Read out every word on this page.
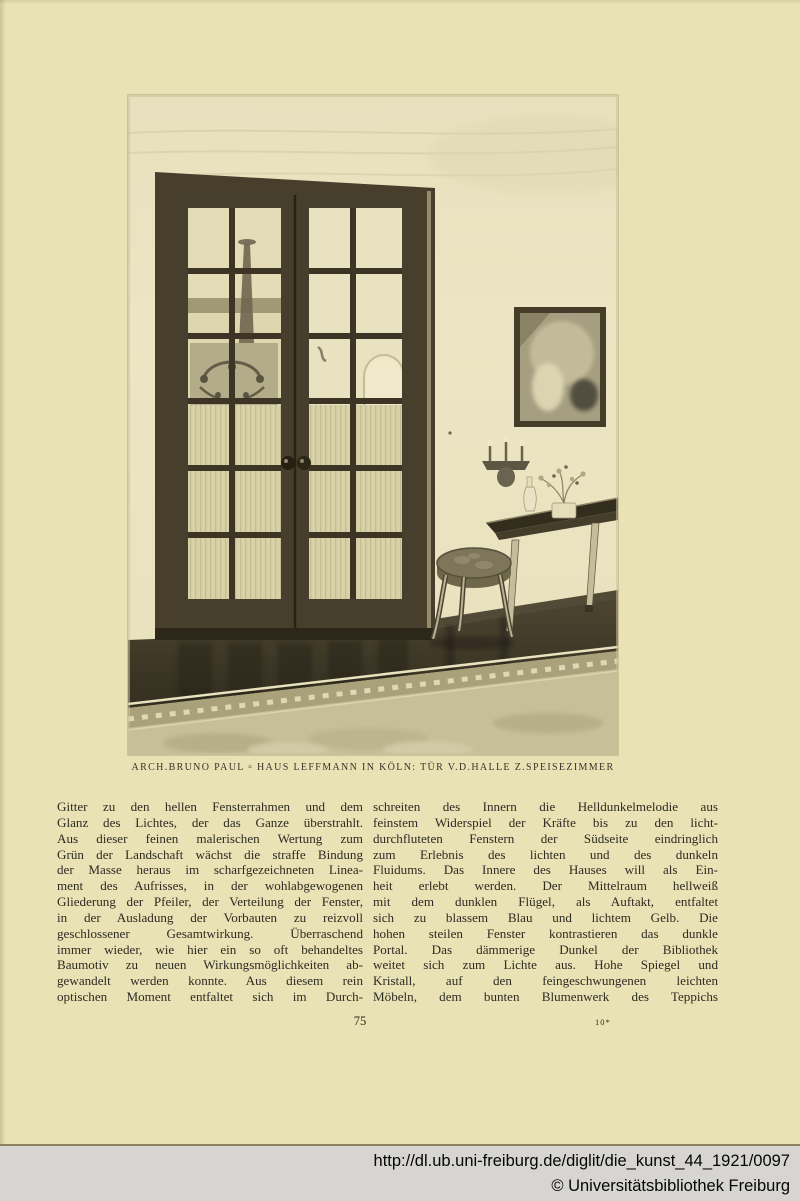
ARCH.BRUNO PAUL ▫ HAUS LEFFMANN IN KÖLN: TÜR V.D.HALLE Z.SPEISEZIMMER
Gitter zu den hellen Fensterrahmen und dem
Glanz des Lichtes, der das Ganze überstrahlt.
Aus dieser feinen malerischen Wertung zum
Grün der Landschaft wächst die straffe Bindung
der Masse heraus im scharfgezeichneten Linea-
ment des Aufrisses, in der wohlabgewogenen
Gliederung der Pfeiler, der Verteilung der Fenster,
in der Ausladung der Vorbauten zu reizvoll
geschlossener Gesamtwirkung. Überraschend
immer wieder, wie hier ein so oft behandeltes
Baumotiv zu neuen Wirkungsmöglichkeiten ab-
gewandelt werden konnte. Aus diesem rein
optischen Moment entfaltet sich im Durch-
schreiten des Innern die Helldunkelmelodie aus
feinstem Widerspiel der Kräfte bis zu den licht-
durchfluteten Fenstern der Südseite eindringlich
zum Erlebnis des lichten und des dunkeln
Fluidums. Das Innere des Hauses will als Ein-
heit erlebt werden. Der Mittelraum hellweiß
mit dem dunklen Flügel, als Auftakt, entfaltet
sich zu blassem Blau und lichtem Gelb. Die
hohen steilen Fenster kontrastieren das dunkle
Portal. Das dämmerige Dunkel der Bibliothek
weitet sich zum Lichte aus. Hohe Spiegel und
Kristall, auf den feingeschwungenen leichten
Möbeln, dem bunten Blumenwerk des Teppichs
75	10*
http://dl.ub.uni-freiburg.de/diglit/die_kunst_44_1921/0097
© Universitätsbibliothek Freiburg
